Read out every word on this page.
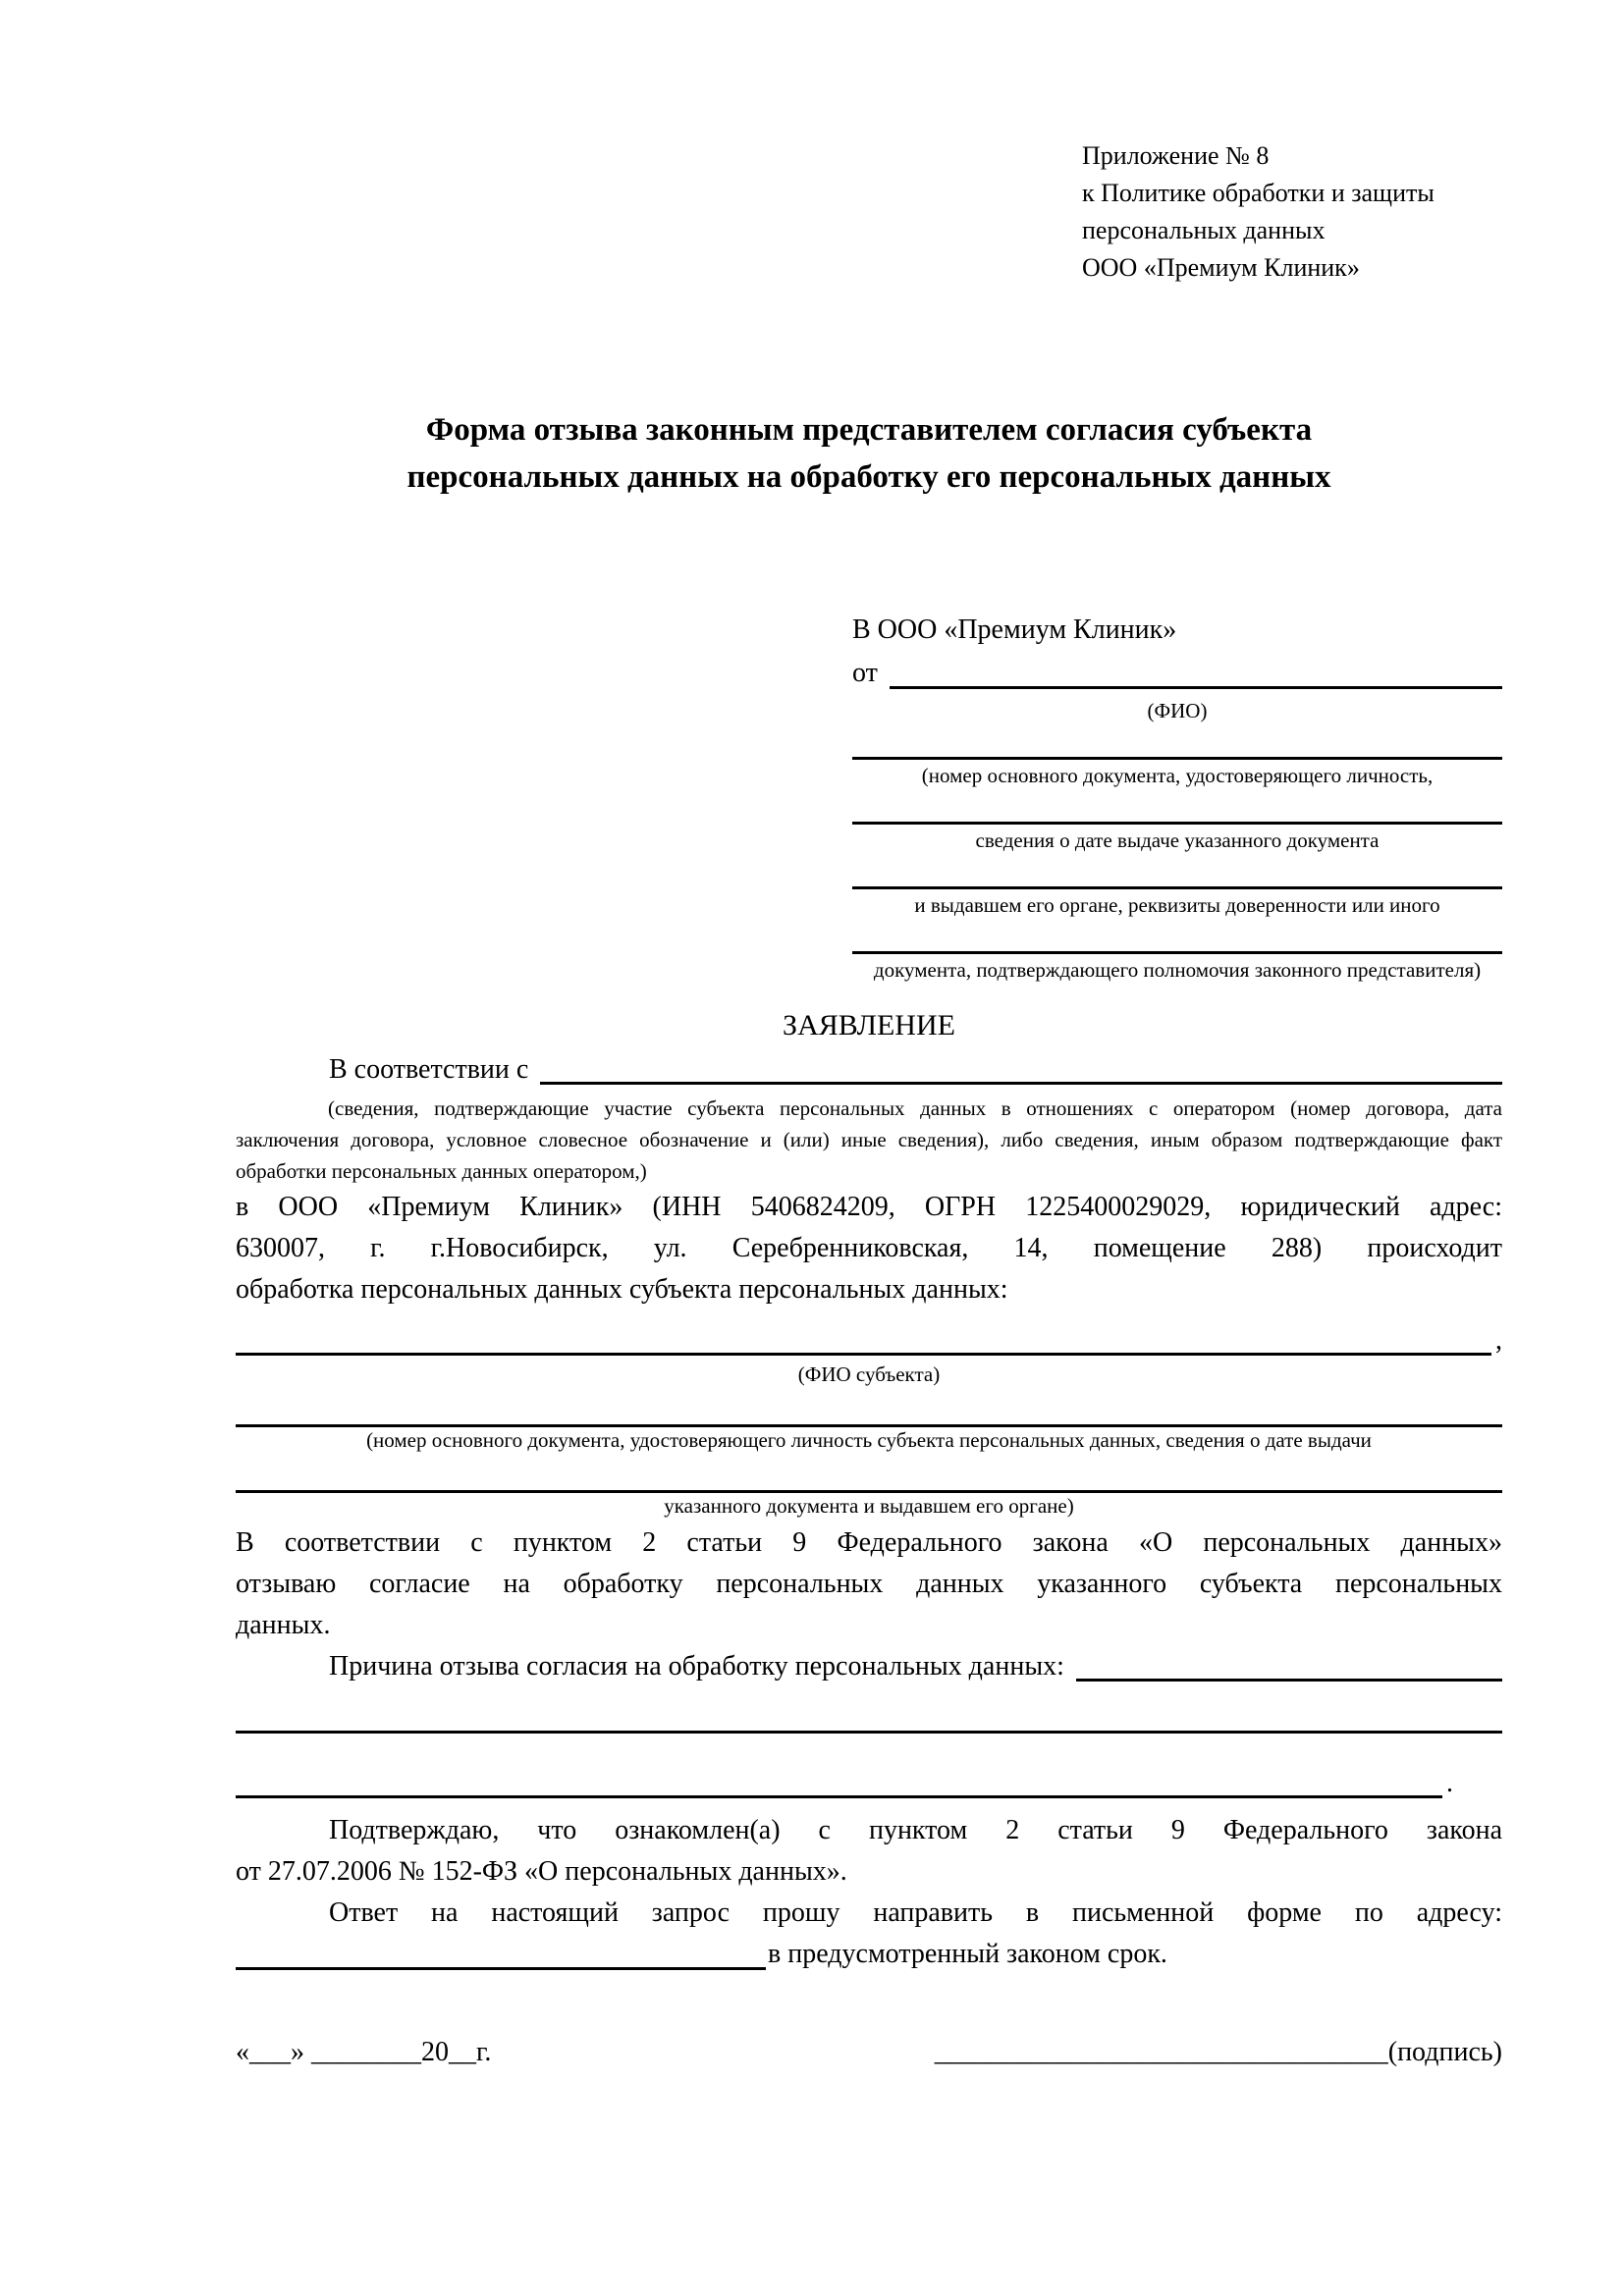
Приложение № 8
к Политике обработки и защиты
персональных данных
ООО «Премиум Клиник»
Форма отзыва законным представителем согласия субъекта
персональных данных на обработку его персональных данных
В ООО «Премиум Клиник»
от
(ФИО)
(номер основного документа, удостоверяющего личность,
сведения о дате выдаче указанного документа
и выдавшем его органе, реквизиты доверенности или иного
документа, подтверждающего полномочия законного представителя)
ЗАЯВЛЕНИЕ
В соответствии с
(сведения, подтверждающие участие субъекта персональных данных в отношениях с оператором (номер договора, дата
заключения договора, условное словесное обозначение и (или) иные сведения), либо сведения, иным образом подтверждающие факт
обработки персональных данных оператором,)
в ООО «Премиум Клиник» (ИНН 5406824209, ОГРН 1225400029029, юридический адрес:
630007, г. г.Новосибирск, ул. Серебренниковская, 14, помещение 288) происходит
обработка персональных данных субъекта персональных данных:
,
(ФИО субъекта)
(номер основного документа, удостоверяющего личность субъекта персональных данных, сведения о дате выдачи
указанного документа и выдавшем его органе)
В соответствии с пунктом 2 статьи 9 Федерального закона «О персональных данных»
отзываю согласие на обработку персональных данных указанного субъекта персональных
данных.
Причина отзыва согласия на обработку персональных данных:
.
Подтверждаю, что ознакомлен(а) с пунктом 2 статьи 9 Федерального закона
от 27.07.2006 № 152-ФЗ «О персональных данных».
Ответ на настоящий запрос прошу направить в письменной форме по адресу:
в предусмотренный законом срок.
«___» ________20__г.	_________________________________(подпись)
